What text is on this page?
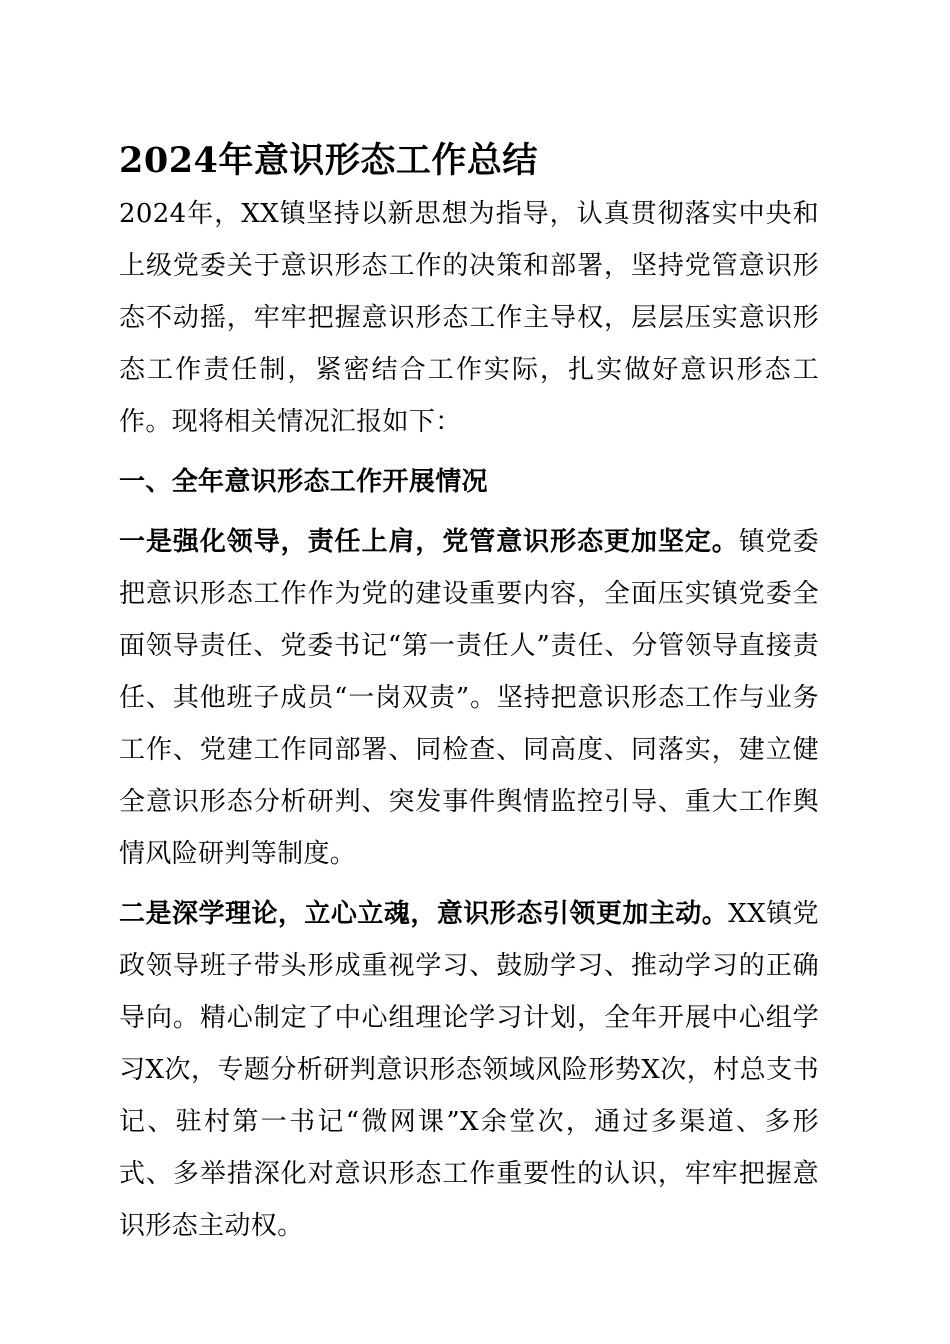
2024年意识形态工作总结

2024年，XX镇坚持以新思想为指导，认真贯彻落实中央和上级党委关于意识形态工作的决策和部署，坚持党管意识形态不动摇，牢牢把握意识形态工作主导权，层层压实意识形态工作责任制，紧密结合工作实际，扎实做好意识形态工作。现将相关情况汇报如下：

一、全年意识形态工作开展情况

一是强化领导，责任上肩，党管意识形态更加坚定。镇党委把意识形态工作作为党的建设重要内容，全面压实镇党委全面领导责任、党委书记“第一责任人”责任、分管领导直接责任、其他班子成员“一岗双责”。坚持把意识形态工作与业务工作、党建工作同部署、同检查、同高度、同落实，建立健全意识形态分析研判、突发事件舆情监控引导、重大工作舆情风险研判等制度。

二是深学理论，立心立魂，意识形态引领更加主动。XX镇党政领导班子带头形成重视学习、鼓励学习、推动学习的正确导向。精心制定了中心组理论学习计划，全年开展中心组学习X次，专题分析研判意识形态领域风险形势X次，村总支书记、驻村第一书记“微网课”X余堂次，通过多渠道、多形式、多举措深化对意识形态工作重要性的认识，牢牢把握意识形态主动权。
